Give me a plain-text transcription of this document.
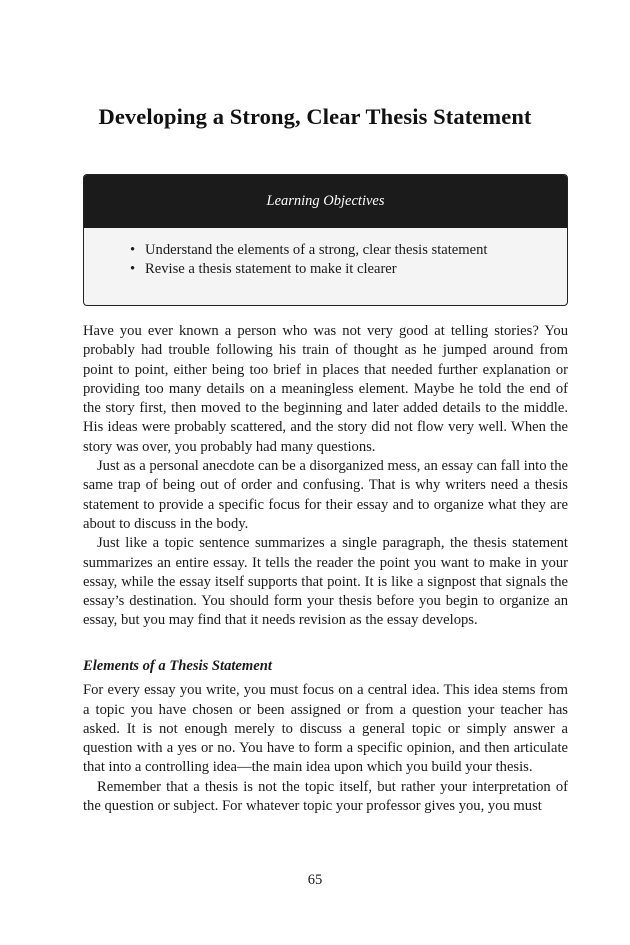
Developing a Strong, Clear Thesis Statement
Learning Objectives
• Understand the elements of a strong, clear thesis statement
• Revise a thesis statement to make it clearer

Have you ever known a person who was not very good at telling stories? You probably had trouble following his train of thought as he jumped around from point to point, either being too brief in places that needed further explanation or providing too many details on a meaningless element. Maybe he told the end of the story first, then moved to the beginning and later added details to the middle. His ideas were probably scattered, and the story did not flow very well. When the story was over, you probably had many questions.

Just as a personal anecdote can be a disorganized mess, an essay can fall into the same trap of being out of order and confusing. That is why writers need a thesis statement to provide a specific focus for their essay and to organize what they are about to discuss in the body.

Just like a topic sentence summarizes a single paragraph, the thesis statement summarizes an entire essay. It tells the reader the point you want to make in your essay, while the essay itself supports that point. It is like a signpost that signals the essay’s destination. You should form your thesis before you begin to organize an essay, but you may find that it needs revision as the essay develops.

Elements of a Thesis Statement

For every essay you write, you must focus on a central idea. This idea stems from a topic you have chosen or been assigned or from a question your teacher has asked. It is not enough merely to discuss a general topic or simply answer a question with a yes or no. You have to form a specific opinion, and then articulate that into a controlling idea—the main idea upon which you build your thesis.

Remember that a thesis is not the topic itself, but rather your interpretation of the question or subject. For whatever topic your professor gives you, you must

65
